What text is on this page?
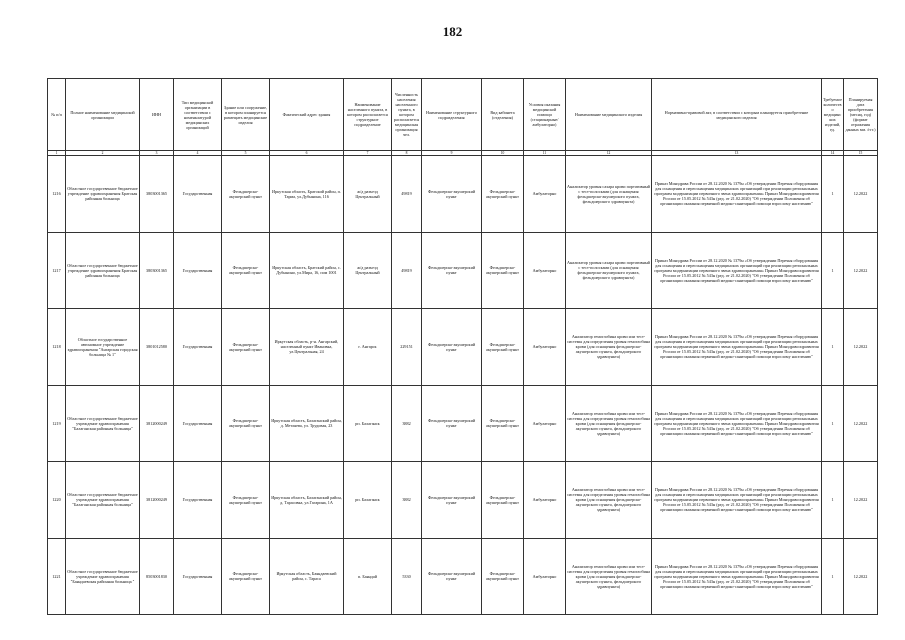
182
№ п/п	Полное наименование медицинской организации	ИНН	Тип медицинской организации в соответствии с номенклатурой медицинских организаций	Здание или сооружение, в котором планируется размещать медицинские изделия	Фактический адрес здания	Наименование населенного пункта, в котором располагается структурное подразделение	Численность населения населенного пункта, в котором располагается медицинская организация чел.	Наименование структурного подразделения	Вид кабинета (отделения)	Условия оказания медицинской помощи (стационарные/ амбулаторно)	Наименование медицинского изделия	Нормативно-правовой акт, в соответствии с которым планируется приобретение медицинского изделия	Требуемое количество медицинских изделий, ед.	Планируемая дата приобретения (месяц, год) (формат отражения данных мм. /ггг.)
1	2	3	4	5	6	7	8	9	10	11	12	13	14	15
1216	Областное государственное бюджетное учреждение здравоохранения Братская районная больница	3803001365	Государственная	Фельдшерско-акушерский пункт	Иркутская область, Братский район, п. Тарма, ул.Дубынина, 116	ж/д разъезд Центральный	49819	Фельдшерско-акушерский пункт	Фельдшерско-акушерский пункт	Амбулаторно	Анализатор уровня сахара крови портативный с тест-полосками (для оснащения фельдшерско-акушерского пункта, фельдшерского здравпункта)	Приказ Минздрава России от 28.12.2020 № 1379н «Об утверждении Перечня оборудования для оснащения и переоснащения медицинских организаций при реализации региональных программ модернизации первичного звена здравоохранения» Приказ Минздравсоцразвития России от 15.05.2012 № 543н (ред. от 21.02.2020) "Об утверждении Положения об организации оказания первичной медико-санитарной помощи взрослому населению"	1	12.2022
1217	Областное государственное бюджетное учреждение здравоохранения Братская районная больница	3803001365	Государственная	Фельдшерско-акушерский пункт	Иркутская область, Братский район, с. Дубынино, ул.Мира, 16, пом 1001	ж/д разъезд Центральный	49819	Фельдшерско-акушерский пункт	Фельдшерско-акушерский пункт	Амбулаторно	Анализатор уровня сахара крови портативный с тест-полосками (для оснащения фельдшерско-акушерского пункта, фельдшерского здравпункта)	Приказ Минздрава России от 28.12.2020 № 1379н «Об утверждении Перечня оборудования для оснащения и переоснащения медицинских организаций при реализации региональных программ модернизации первичного звена здравоохранения» Приказ Минздравсоцразвития России от 15.05.2012 № 543н (ред. от 21.02.2020) "Об утверждении Положения об организации оказания первичной медико-санитарной помощи взрослому населению"	1	12.2022
1218	Областное государственное автономное учреждение здравоохранения "Ангарская городская больница № 1"	3801012580	Государственная	Фельдшерско-акушерский пункт	Иркутская область, р-н. Ангарский, населенный пункт Ивановка, ул.Центральная, 24	г. Ангарск	229151	Фельдшерско-акушерский пункт	Фельдшерско-акушерский пункт	Амбулаторно	Анализатор гемоглобина крови или тест-системы для определения уровня гемоглобина крови (для оснащения фельдшерско-акушерского пункта, фельдшерского здравпункта)	Приказ Минздрава России от 28.12.2020 № 1379н «Об утверждении Перечня оборудования для оснащения и переоснащения медицинских организаций при реализации региональных программ модернизации первичного звена здравоохранения» Приказ Минздравсоцразвития России от 15.05.2012 № 543н (ред. от 21.02.2020) "Об утверждении Положения об организации оказания первичной медико-санитарной помощи взрослому населению"	1	12.2022
1219	Областное государственное бюджетное учреждение здравоохранения "Балаганская районная больница"	3812000249	Государственная	Фельдшерско-акушерский пункт	Иркутская область, Балаганский район, д. Метляева, ул. Трудовая, 23	рп. Балаганск	3882	Фельдшерско-акушерский пункт	Фельдшерско-акушерский пункт	Амбулаторно	Анализатор гемоглобина крови или тест-системы для определения уровня гемоглобина крови (для оснащения фельдшерско-акушерского пункта, фельдшерского здравпункта)	Приказ Минздрава России от 28.12.2020 № 1379н «Об утверждении Перечня оборудования для оснащения и переоснащения медицинских организаций при реализации региональных программ модернизации первичного звена здравоохранения» Приказ Минздравсоцразвития России от 15.05.2012 № 543н (ред. от 21.02.2020) "Об утверждении Положения об организации оказания первичной медико-санитарной помощи взрослому населению"	1	12.2022
1220	Областное государственное бюджетное учреждение здравоохранения "Балаганская районная больница"	3812000249	Государственная	Фельдшерско-акушерский пункт	Иркутская область, Балаганский район, д. Тарасовка, ул.Гагарина, 1А	рп. Балаганск	3882	Фельдшерско-акушерский пункт	Фельдшерско-акушерский пункт	Амбулаторно	Анализатор гемоглобина крови или тест-системы для определения уровня гемоглобина крови (для оснащения фельдшерско-акушерского пункта, фельдшерского здравпункта)	Приказ Минздрава России от 28.12.2020 № 1379н «Об утверждении Перечня оборудования для оснащения и переоснащения медицинских организаций при реализации региональных программ модернизации первичного звена здравоохранения» Приказ Минздравсоцразвития России от 15.05.2012 № 543н (ред. от 21.02.2020) "Об утверждении Положения об организации оказания первичной медико-санитарной помощи взрослому населению"	1	12.2022
1221	Областное государственное бюджетное учреждение здравоохранения "Баяндаевская районная больница "	8503001830	Государственная	Фельдшерско-акушерский пункт	Иркутская область, Баяндаевский район, с. Тараса	п. Баяндай	5330	Фельдшерско-акушерский пункт	Фельдшерско-акушерский пункт	Амбулаторно	Анализатор гемоглобина крови или тест-системы для определения уровня гемоглобина крови (для оснащения фельдшерско-акушерского пункта, фельдшерского здравпункта)	Приказ Минздрава России от 28.12.2020 № 1379н «Об утверждении Перечня оборудования для оснащения и переоснащения медицинских организаций при реализации региональных программ модернизации первичного звена здравоохранения» Приказ Минздравсоцразвития России от 15.05.2012 № 543н (ред. от 21.02.2020) "Об утверждении Положения об организации оказания первичной медико-санитарной помощи взрослому населению"	1	12.2022
